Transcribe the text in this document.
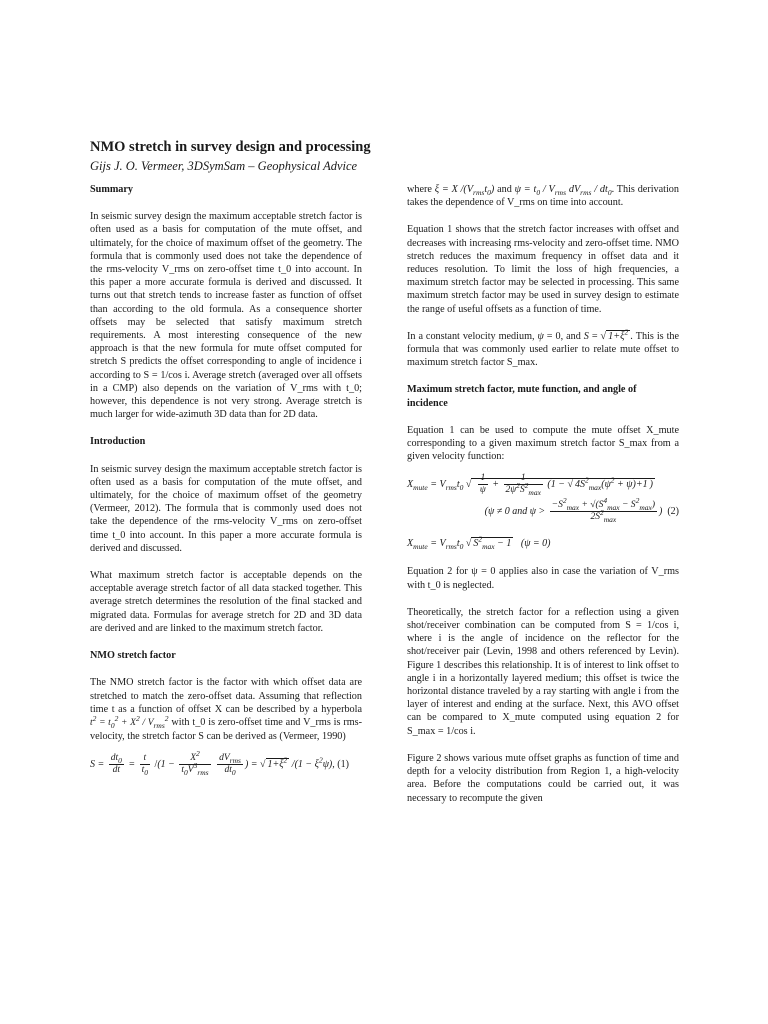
NMO stretch in survey design and processing

Gijs J. O. Vermeer, 3DSymSam – Geophysical Advice

Summary

In seismic survey design the maximum acceptable stretch factor is often used as a basis for computation of the mute offset, and ultimately, for the choice of maximum offset of the geometry. The formula that is commonly used does not take the dependence of the rms-velocity V_rms on zero-offset time t_0 into account. In this paper a more accurate formula is derived and discussed. It turns out that stretch tends to increase faster as function of offset than according to the old formula. As a consequence shorter offsets may be selected that satisfy maximum stretch requirements. A most interesting consequence of the new approach is that the new formula for mute offset computed for stretch S predicts the offset corresponding to angle of incidence i according to S = 1/cos i. Average stretch (averaged over all offsets in a CMP) also depends on the variation of V_rms with t_0; however, this dependence is not very strong. Average stretch is much larger for wide-azimuth 3D data than for 2D data.

Introduction

In seismic survey design the maximum acceptable stretch factor is often used as a basis for computation of the mute offset, and ultimately, for the choice of maximum offset of the geometry (Vermeer, 2012). The formula that is commonly used does not take the dependence of the rms-velocity V_rms on zero-offset time t_0 into account. In this paper a more accurate formula is derived and discussed.

What maximum stretch factor is acceptable depends on the acceptable average stretch factor of all data stacked together. This average stretch determines the resolution of the final stacked and migrated data. Formulas for average stretch for 2D and 3D data are derived and are linked to the maximum stretch factor.

NMO stretch factor

The NMO stretch factor is the factor with which offset data are stretched to match the zero-offset data. Assuming that reflection time t as a function of offset X can be described by a hyperbola $t^2 = t_0^2 + X^2 / V_{rms}^2$ with t_0 is zero-offset time and V_rms is rms-velocity, the stretch factor S can be derived as (Vermeer, 1990)

$S = \frac{dt_0}{dt} = \frac{t}{t_0} /(1 - \frac{X^2}{t_0V^3_{rms}}$
$\frac{dV_{rms}}{dt_0}$ ) = √ $1+\xi^2$ $/(1 - \xi^2\psi)$, (1)

where ξ = X $/(V_{rms}t_0)$ and $\psi = t_0 / V_{rms}$ $dV_{rms} / dt_0$. This derivation takes the dependence of V_rms on time into account.

Equation 1 shows that the stretch factor increases with offset and decreases with increasing rms-velocity and zero-offset time. NMO stretch reduces the maximum frequency in offset data and it reduces resolution. To limit the loss of high frequencies, a maximum stretch factor may be selected in processing. This same maximum stretch factor may be used in survey design to estimate the range of useful offsets as a function of time.

In a constant velocity medium, ψ = 0, and S = √ $1+\xi^2$ . This is the formula that was commonly used earlier to relate mute offset to maximum stretch factor S_max.

Maximum stretch factor, mute function, and angle of incidence

Equation 1 can be used to compute the mute offset X_mute corresponding to a given maximum stretch factor S_max from a given velocity function:

$X_{mute} = V_{rms}t_0$ √ $\frac{1}{\psi} + \frac{1}{2\psi^2S^2_{max}} (1$ − √ $4S^2_{max}(\psi^2 + \psi)+1$ )
(ψ ≠ 0 and $\psi > \frac{-S^2_{max} + √(S^4_{max} - S^2_{max})}{2S^2_{max}}$ )  (2)
$X_{mute} = V_{rms}t_0$ √ $S^2_{max} - 1$ (ψ = 0)

Equation 2 for ψ = 0 applies also in case the variation of V_rms with t_0 is neglected.

Theoretically, the stretch factor for a reflection using a given shot/receiver combination can be computed from S = 1/cos i, where i is the angle of incidence on the reflector for the shot/receiver pair (Levin, 1998 and others referenced by Levin). Figure 1 describes this relationship. It is of interest to link offset to angle i in a horizontally layered medium; this offset is twice the horizontal distance traveled by a ray starting with angle i from the layer of interest and ending at the surface. Next, this AVO offset can be compared to X_mute computed using equation 2 for S_max = 1/cos i.

Figure 2 shows various mute offset graphs as function of time and depth for a velocity distribution from Region 1, a high-velocity area. Before the computations could be carried out, it was necessary to recompute the given
